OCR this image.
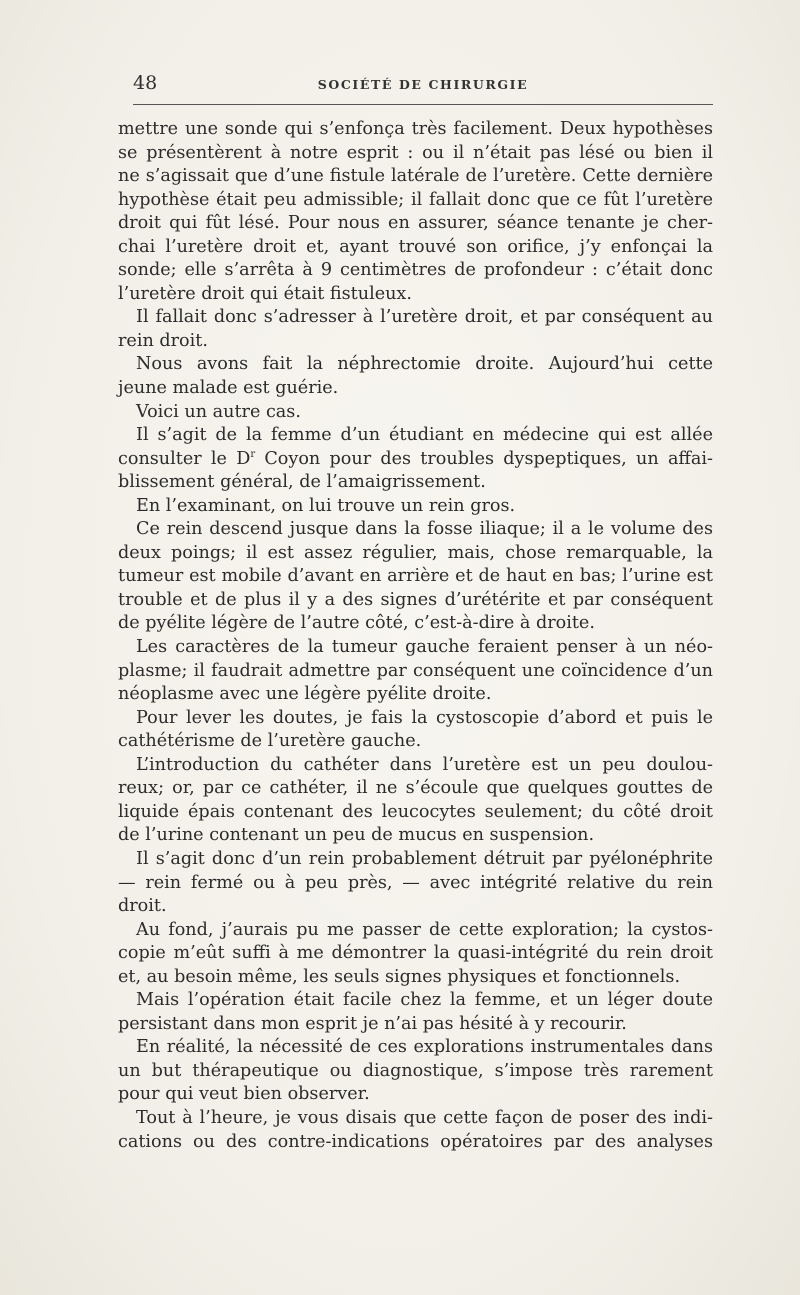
48	SOCIÉTÉ DE CHIRURGIE

mettre une sonde qui s’enfonça très facilement. Deux hypothèses
se présentèrent à notre esprit : ou il n’était pas lésé ou bien il
ne s’agissait que d’une fistule latérale de l’uretère. Cette dernière
hypothèse était peu admissible; il fallait donc que ce fût l’uretère
droit qui fût lésé. Pour nous en assurer, séance tenante je cher-
chai l’uretère droit et, ayant trouvé son orifice, j’y enfonçai la
sonde; elle s’arrêta à 9 centimètres de profondeur : c’était donc
l’uretère droit qui était fistuleux.

Il fallait donc s’adresser à l’uretère droit, et par conséquent au
rein droit.

Nous avons fait la néphrectomie droite. Aujourd’hui cette
jeune malade est guérie.

Voici un autre cas.

Il s’agit de la femme d’un étudiant en médecine qui est allée
consulter le $D^r$ Coyon pour des troubles dyspeptiques, un affai-
blissement général, de l’amaigrissement.

En l’examinant, on lui trouve un rein gros.

Ce rein descend jusque dans la fosse iliaque; il a le volume des
deux poings; il est assez régulier, mais, chose remarquable, la
tumeur est mobile d’avant en arrière et de haut en bas; l’urine est
trouble et de plus il y a des signes d’urétérite et par conséquent
de pyélite légère de l’autre côté, c’est-à-dire à droite.

Les caractères de la tumeur gauche feraient penser à un néo-
plasme; il faudrait admettre par conséquent une coïncidence d’un
néoplasme avec une légère pyélite droite.

Pour lever les doutes, je fais la cystoscopie d’abord et puis le
cathétérisme de l’uretère gauche.

L’introduction du cathéter dans l’uretère est un peu doulou-
reux; or, par ce cathéter, il ne s’écoule que quelques gouttes de
liquide épais contenant des leucocytes seulement; du côté droit
de l’urine contenant un peu de mucus en suspension.

Il s’agit donc d’un rein probablement détruit par pyélonéphrite
— rein fermé ou à peu près, — avec intégrité relative du rein
droit.

Au fond, j’aurais pu me passer de cette exploration; la cystos-
copie m’eût suffi à me démontrer la quasi-intégrité du rein droit
et, au besoin même, les seuls signes physiques et fonctionnels.

Mais l’opération était facile chez la femme, et un léger doute
persistant dans mon esprit je n’ai pas hésité à y recourir.

En réalité, la nécessité de ces explorations instrumentales dans
un but thérapeutique ou diagnostique, s’impose très rarement
pour qui veut bien observer.

Tout à l’heure, je vous disais que cette façon de poser des indi-
cations ou des contre-indications opératoires par des analyses
